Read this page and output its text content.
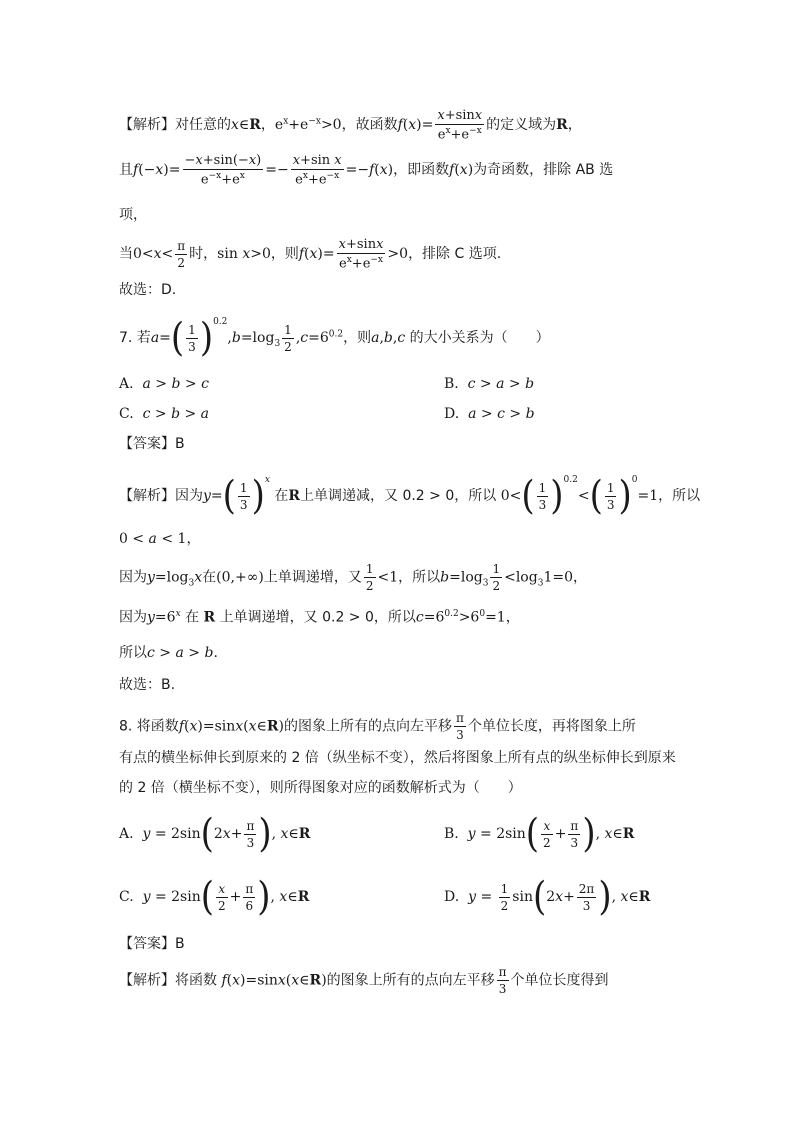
【解析】对任意的x∈R，$e^x+e^{-x}>0$，故函数$f(x)= \frac{x+\sin x}{e^x+e^{-x}}$ 的定义域为R，
且$f(-x)= \frac{-x+\sin(-x)}{e^{-x}+e^x} =- \frac{\text{x+sin x}}{e^x+e^{-x}} =-f(x)$，即函数f(x)为奇函数，排除 AB 选
项，
当$0<x< \frac{\pi}{2}$ 时，sin x>0，则$f(x)= \frac{x+\sin x}{e^x+e^{-x}} >0$，排除 C 选项.
故选：D.
7. 若$a=( \frac{1}{3} )^{0.2},b=\log_3 \frac{1}{2} ,c=6^{0.2}$，则a,b,c 的大小关系为（　　）
A.  a > b > c	B.  c > a > b
C.  c > b > a	D.  a > c > b
【答案】B
【解析】因为$y=( \frac{1}{3} )^x$ 在R上单调递减，又 0.2 > 0，所以 $0<( \frac{1}{3} )^{0.2}<( \frac{1}{3} )^0=1$，所以
0 < a < 1，
因为$y=\log_3x$在(0,+∞)上单调递增，又 $\frac{1}{2} <1$，所以$b=\log_3 \frac{1}{2} <\log_31=0$，
因为$y=6^x$ 在 R 上单调递增，又 0.2 > 0，所以$c=6^{0.2}>6^0=1$，
所以c > a > b.
故选：B.
8. 将函数f(x)=sinx(x∈R)的图象上所有的点向左平移 $\frac{\pi}{3}$ 个单位长度，再将图象上所
有点的横坐标伸长到原来的 2 倍（纵坐标不变），然后将图象上所有点的纵坐标伸长到原来
的 2 倍（横坐标不变），则所得图象对应的函数解析式为（　　）
A.  $y = 2\sin(2x+ \frac{\pi}{3}$ ), x∈R	B.  $y = 2\sin( \frac{x}{2} + \frac{\pi}{3}$ ), x∈R
C.  $y = 2\sin( \frac{x}{2} + \frac{\pi}{6}$ ), x∈R	D.  $y = \frac{1}{2} \sin(2x+ \frac{2\pi}{3}$ ), x∈R
【答案】B
【解析】将函数 f(x)=sinx(x∈R)的图象上所有的点向左平移 $\frac{\pi}{3}$ 个单位长度得到
